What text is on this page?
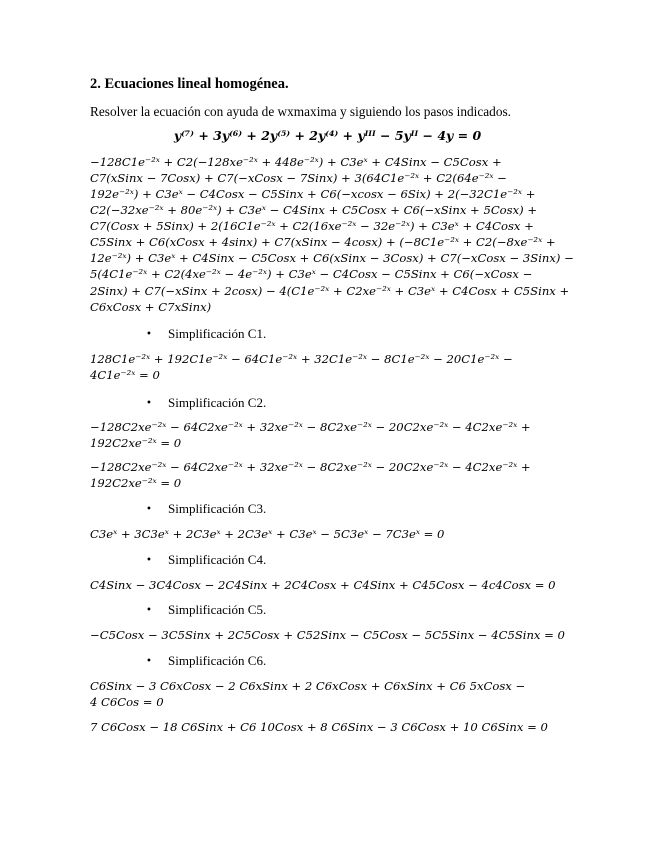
2. Ecuaciones lineal homogénea.
Resolver la ecuación con ayuda de wxmaxima y siguiendo los pasos indicados.
y⁽⁷⁾ + 3y⁽⁶⁾ + 2y⁽⁵⁾ + 2y⁽⁴⁾ + yᴵᴵᴵ − 5yᴵᴵ − 4y = 0
−128C1e⁻²ˣ + C2(−128xe⁻²ˣ + 448e⁻²ˣ) + C3eˣ + C4Sinx − C5Cosx +
C7(xSinx − 7Cosx) + C7(−xCosx − 7Sinx) + 3(64C1e⁻²ˣ + C2(64e⁻²ˣ −
192e⁻²ˣ) + C3eˣ − C4Cosx − C5Sinx + C6(−xcosx − 6Six) + 2(−32C1e⁻²ˣ +
C2(−32xe⁻²ˣ + 80e⁻²ˣ) + C3eˣ − C4Sinx + C5Cosx + C6(−xSinx + 5Cosx) +
C7(Cosx + 5Sinx) + 2(16C1e⁻²ˣ + C2(16xe⁻²ˣ − 32e⁻²ˣ) + C3eˣ + C4Cosx +
C5Sinx + C6(xCosx + 4sinx) + C7(xSinx − 4cosx) + (−8C1e⁻²ˣ + C2(−8xe⁻²ˣ +
12e⁻²ˣ) + C3eˣ + C4Sinx − C5Cosx + C6(xSinx − 3Cosx) + C7(−xCosx − 3Sinx) −
5(4C1e⁻²ˣ + C2(4xe⁻²ˣ − 4e⁻²ˣ) + C3eˣ − C4Cosx − C5Sinx + C6(−xCosx −
2Sinx) + C7(−xSinx + 2cosx) − 4(C1e⁻²ˣ + C2xe⁻²ˣ + C3eˣ + C4Cosx + C5Sinx +
C6xCosx + C7xSinx)
• Simplificación C1.
128C1e⁻²ˣ + 192C1e⁻²ˣ − 64C1e⁻²ˣ + 32C1e⁻²ˣ − 8C1e⁻²ˣ − 20C1e⁻²ˣ −
4C1e⁻²ˣ = 0
• Simplificación C2.
−128C2xe⁻²ˣ − 64C2xe⁻²ˣ + 32xe⁻²ˣ − 8C2xe⁻²ˣ − 20C2xe⁻²ˣ − 4C2xe⁻²ˣ +
192C2xe⁻²ˣ = 0
−128C2xe⁻²ˣ − 64C2xe⁻²ˣ + 32xe⁻²ˣ − 8C2xe⁻²ˣ − 20C2xe⁻²ˣ − 4C2xe⁻²ˣ +
192C2xe⁻²ˣ = 0
• Simplificación C3.
C3eˣ + 3C3eˣ + 2C3eˣ + 2C3eˣ + C3eˣ − 5C3eˣ − 7C3eˣ = 0
• Simplificación C4.
C4Sinx − 3C4Cosx − 2C4Sinx + 2C4Cosx + C4Sinx + C45Cosx − 4c4Cosx = 0
• Simplificación C5.
−C5Cosx − 3C5Sinx + 2C5Cosx + C52Sinx − C5Cosx − 5C5Sinx − 4C5Sinx = 0
• Simplificación C6.
C6Sinx − 3 C6xCosx − 2 C6xSinx + 2 C6xCosx + C6xSinx + C6 5xCosx −
4 C6Cos = 0
7 C6Cosx − 18 C6Sinx + C6 10Cosx + 8 C6Sinx − 3 C6Cosx + 10 C6Sinx = 0
